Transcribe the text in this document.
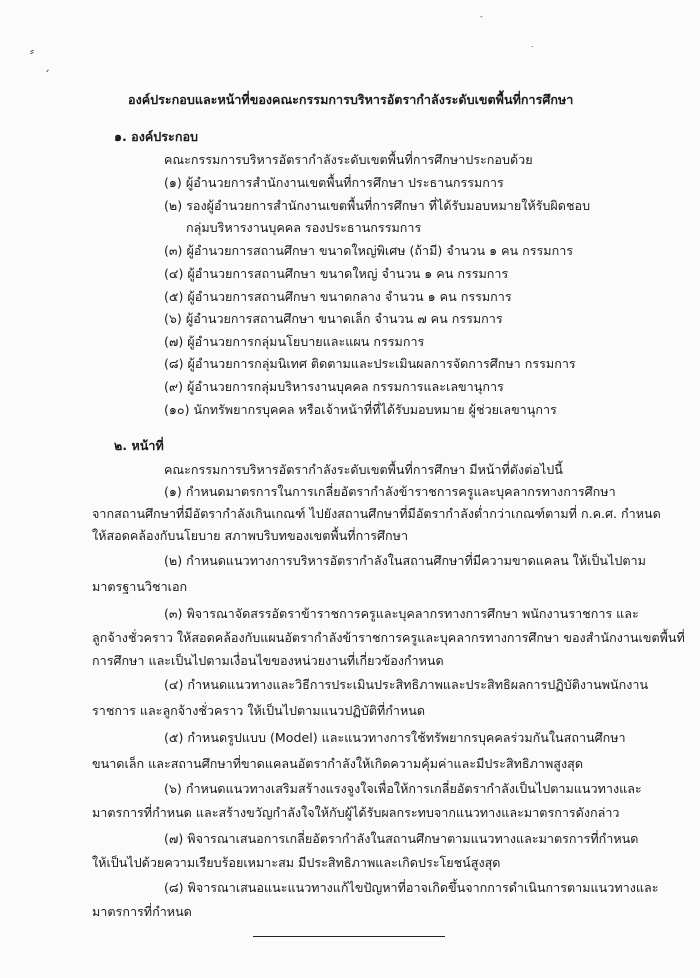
⸗
ˏ
˗
˙
องค์ประกอบและหน้าที่ของคณะกรรมการบริหารอัตรากำลังระดับเขตพื้นที่การศึกษา
๑. องค์ประกอบ
คณะกรรมการบริหารอัตรากำลังระดับเขตพื้นที่การศึกษาประกอบด้วย
(๑) ผู้อำนวยการสำนักงานเขตพื้นที่การศึกษา ประธานกรรมการ
(๒) รองผู้อำนวยการสำนักงานเขตพื้นที่การศึกษา ที่ได้รับมอบหมายให้รับผิดชอบ
กลุ่มบริหารงานบุคคล รองประธานกรรมการ
(๓) ผู้อำนวยการสถานศึกษา ขนาดใหญ่พิเศษ (ถ้ามี) จำนวน ๑ คน กรรมการ
(๔) ผู้อำนวยการสถานศึกษา ขนาดใหญ่ จำนวน ๑ คน กรรมการ
(๕) ผู้อำนวยการสถานศึกษา ขนาดกลาง จำนวน ๑ คน กรรมการ
(๖) ผู้อำนวยการสถานศึกษา ขนาดเล็ก จำนวน ๗ คน กรรมการ
(๗) ผู้อำนวยการกลุ่มนโยบายและแผน กรรมการ
(๘) ผู้อำนวยการกลุ่มนิเทศ ติดตามและประเมินผลการจัดการศึกษา กรรมการ
(๙) ผู้อำนวยการกลุ่มบริหารงานบุคคล กรรมการและเลขานุการ
(๑๐) นักทรัพยากรบุคคล หรือเจ้าหน้าที่ที่ได้รับมอบหมาย ผู้ช่วยเลขานุการ
๒. หน้าที่
คณะกรรมการบริหารอัตรากำลังระดับเขตพื้นที่การศึกษา มีหน้าที่ดังต่อไปนี้
(๑) กำหนดมาตรการในการเกลี่ยอัตรากำลังข้าราชการครูและบุคลากรทางการศึกษา
จากสถานศึกษาที่มีอัตรากำลังเกินเกณฑ์ ไปยังสถานศึกษาที่มีอัตรากำลังต่ำกว่าเกณฑ์ตามที่ ก.ค.ศ. กำหนด
ให้สอดคล้องกับนโยบาย สภาพบริบทของเขตพื้นที่การศึกษา
(๒) กำหนดแนวทางการบริหารอัตรากำลังในสถานศึกษาที่มีความขาดแคลน ให้เป็นไปตาม
มาตรฐานวิชาเอก
(๓) พิจารณาจัดสรรอัตราข้าราชการครูและบุคลากรทางการศึกษา พนักงานราชการ และ
ลูกจ้างชั่วคราว ให้สอดคล้องกับแผนอัตรากำลังข้าราชการครูและบุคลากรทางการศึกษา ของสำนักงานเขตพื้นที่
การศึกษา และเป็นไปตามเงื่อนไขของหน่วยงานที่เกี่ยวข้องกำหนด
(๔) กำหนดแนวทางและวิธีการประเมินประสิทธิภาพและประสิทธิผลการปฏิบัติงานพนักงาน
ราชการ และลูกจ้างชั่วคราว ให้เป็นไปตามแนวปฏิบัติที่กำหนด
(๕) กำหนดรูปแบบ (Model) และแนวทางการใช้ทรัพยากรบุคคลร่วมกันในสถานศึกษา
ขนาดเล็ก และสถานศึกษาที่ขาดแคลนอัตรากำลังให้เกิดความคุ้มค่าและมีประสิทธิภาพสูงสุด
(๖) กำหนดแนวทางเสริมสร้างแรงจูงใจเพื่อให้การเกลี่ยอัตรากำลังเป็นไปตามแนวทางและ
มาตรการที่กำหนด และสร้างขวัญกำลังใจให้กับผู้ได้รับผลกระทบจากแนวทางและมาตรการดังกล่าว
(๗) พิจารณาเสนอการเกลี่ยอัตรากำลังในสถานศึกษาตามแนวทางและมาตรการที่กำหนด
ให้เป็นไปด้วยความเรียบร้อยเหมาะสม มีประสิทธิภาพและเกิดประโยชน์สูงสุด
(๘) พิจารณาเสนอแนะแนวทางแก้ไขปัญหาที่อาจเกิดขึ้นจากการดำเนินการตามแนวทางและ
มาตรการที่กำหนด
